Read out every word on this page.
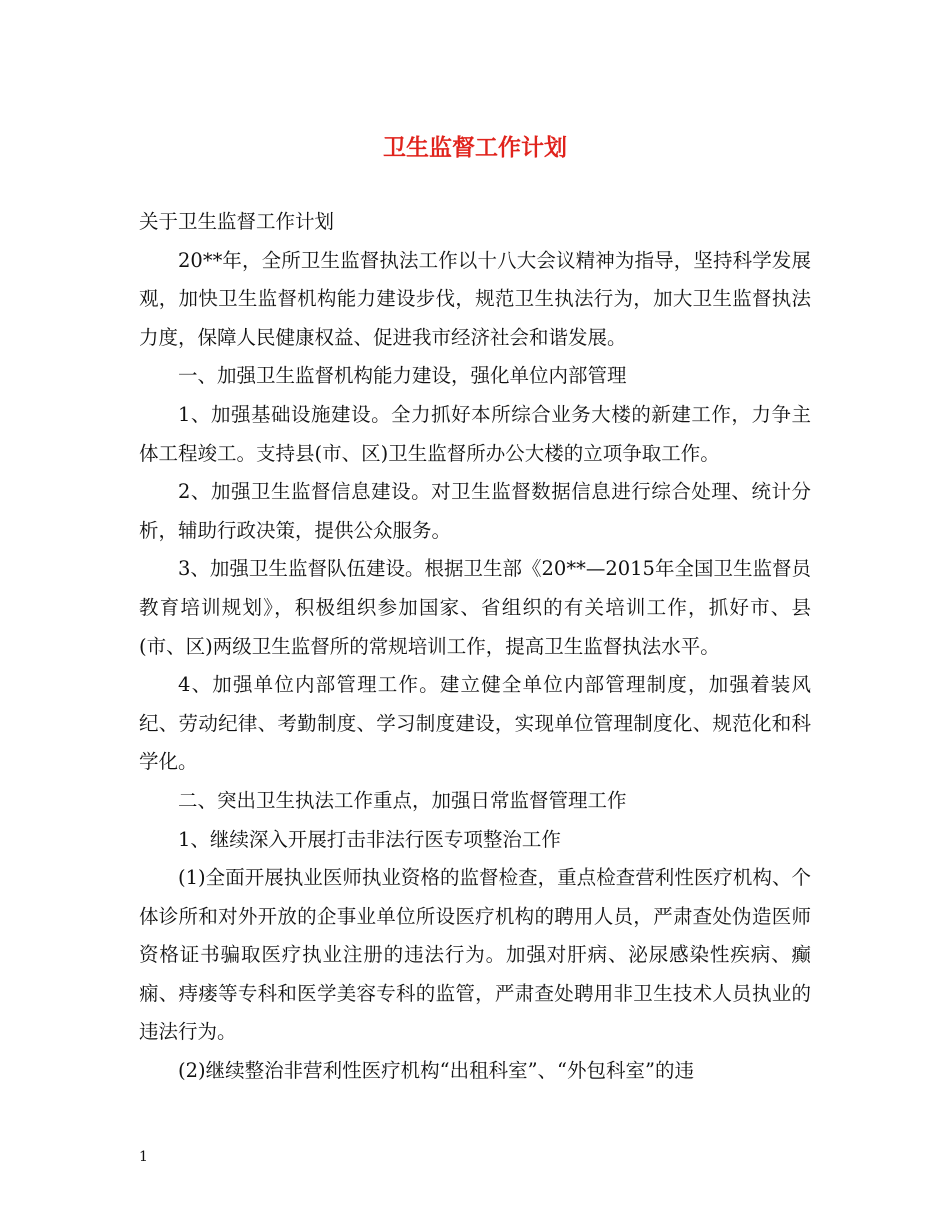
卫生监督工作计划

关于卫生监督工作计划

20**年，全所卫生监督执法工作以十八大会议精神为指导，坚持科学发展观，加快卫生监督机构能力建设步伐，规范卫生执法行为，加大卫生监督执法力度，保障人民健康权益、促进我市经济社会和谐发展。

一、加强卫生监督机构能力建设，强化单位内部管理

1、加强基础设施建设。全力抓好本所综合业务大楼的新建工作，力争主体工程竣工。支持县(市、区)卫生监督所办公大楼的立项争取工作。

2、加强卫生监督信息建设。对卫生监督数据信息进行综合处理、统计分析，辅助行政决策，提供公众服务。

3、加强卫生监督队伍建设。根据卫生部《20**—2015年全国卫生监督员教育培训规划》，积极组织参加国家、省组织的有关培训工作，抓好市、县(市、区)两级卫生监督所的常规培训工作，提高卫生监督执法水平。

4、加强单位内部管理工作。建立健全单位内部管理制度，加强着装风纪、劳动纪律、考勤制度、学习制度建设，实现单位管理制度化、规范化和科学化。

二、突出卫生执法工作重点，加强日常监督管理工作

1、继续深入开展打击非法行医专项整治工作

(1)全面开展执业医师执业资格的监督检查，重点检查营利性医疗机构、个体诊所和对外开放的企事业单位所设医疗机构的聘用人员，严肃查处伪造医师资格证书骗取医疗执业注册的违法行为。加强对肝病、泌尿感染性疾病、癫痫、痔瘘等专科和医学美容专科的监管，严肃查处聘用非卫生技术人员执业的违法行为。

(2)继续整治非营利性医疗机构“出租科室”、“外包科室”的违

1
